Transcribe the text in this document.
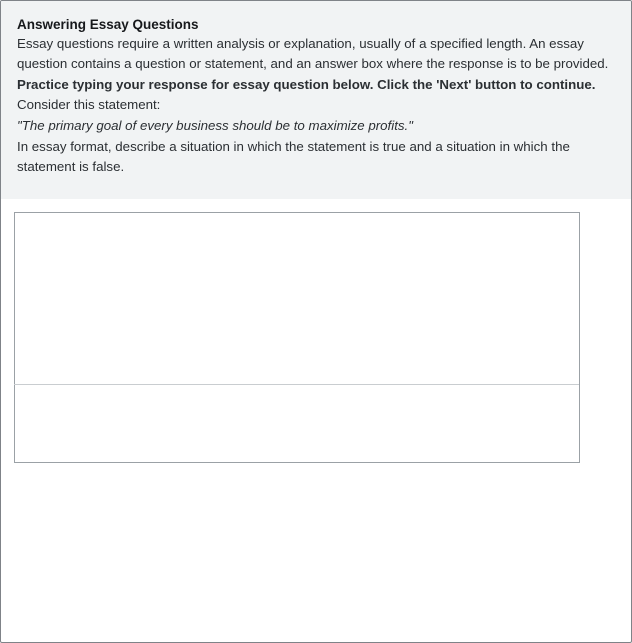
Answering Essay Questions

Essay questions require a written analysis or explanation, usually of a specified length. An essay question contains a question or statement, and an answer box where the response is to be provided.

Practice typing your response for essay question below. Click the 'Next' button to continue.

Consider this statement:

"The primary goal of every business should be to maximize profits."

In essay format, describe a situation in which the statement is true and a situation in which the statement is false.
